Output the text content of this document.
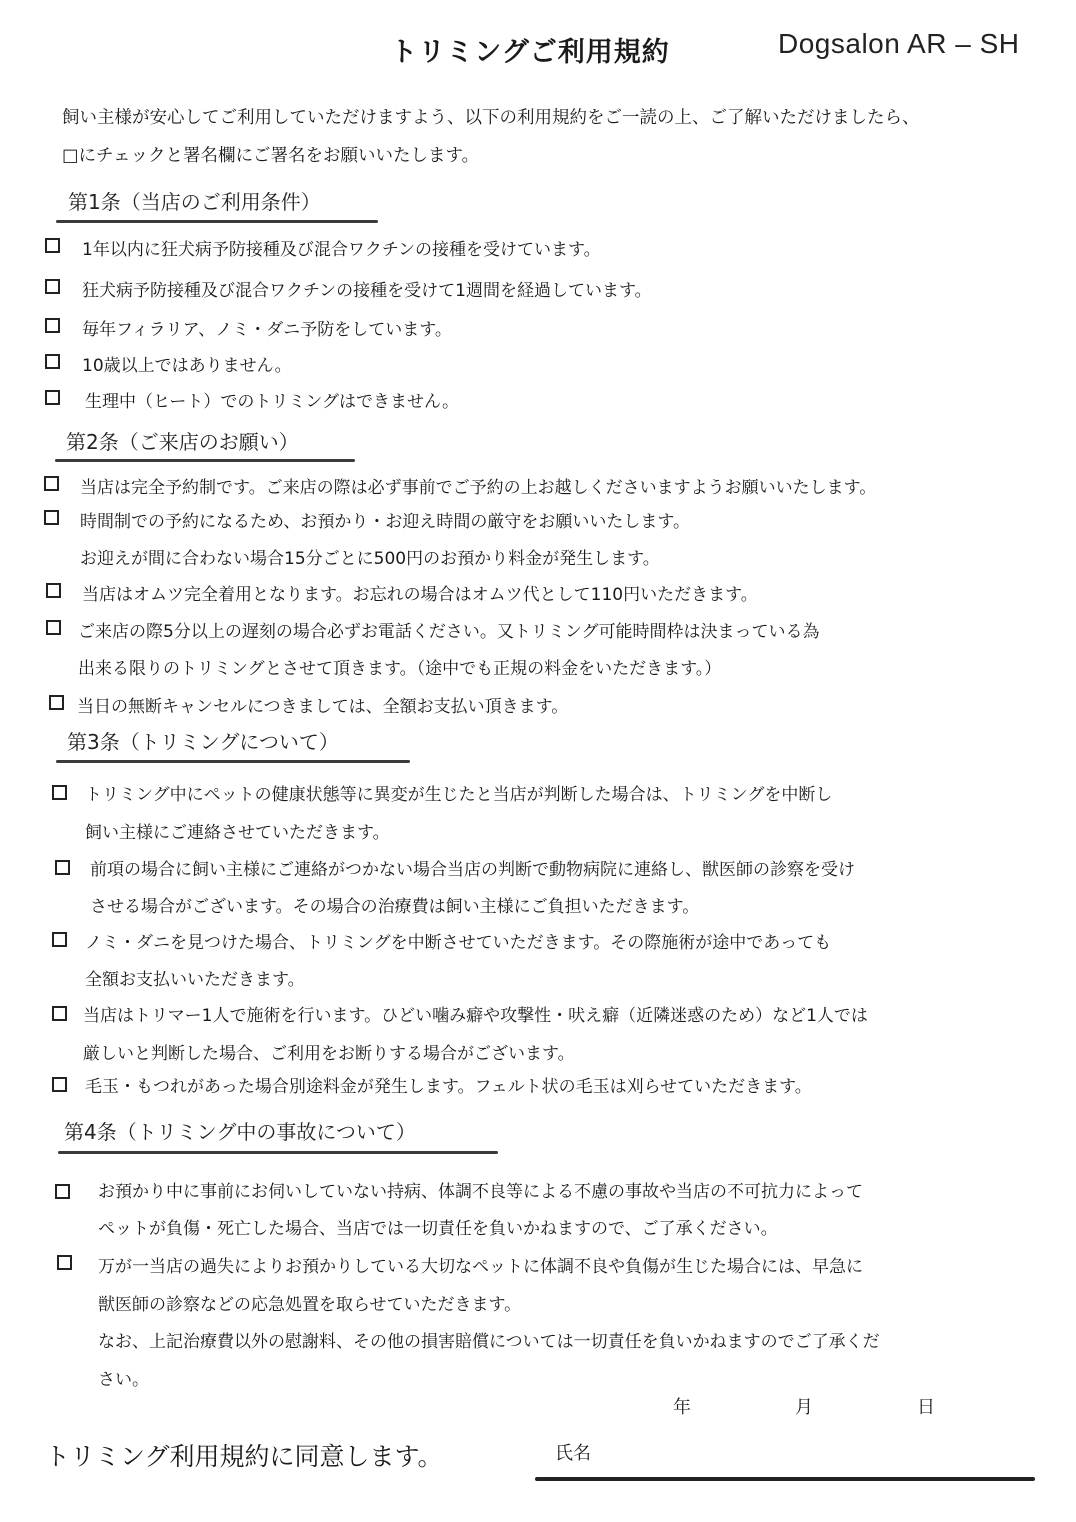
トリミングご利用規約	Dogsalon AR – SH
飼い主様が安心してご利用していただけますよう、以下の利用規約をご一読の上、ご了解いただけましたら、
□にチェックと署名欄にご署名をお願いいたします。
第1条（当店のご利用条件）
1年以内に狂犬病予防接種及び混合ワクチンの接種を受けています。
狂犬病予防接種及び混合ワクチンの接種を受けて1週間を経過しています。
毎年フィラリア、ノミ・ダニ予防をしています。
10歳以上ではありません。
生理中（ヒート）でのトリミングはできません。
第2条（ご来店のお願い）
当店は完全予約制です。ご来店の際は必ず事前でご予約の上お越しくださいますようお願いいたします。
時間制での予約になるため、お預かり・お迎え時間の厳守をお願いいたします。
お迎えが間に合わない場合15分ごとに500円のお預かり料金が発生します。
当店はオムツ完全着用となります。お忘れの場合はオムツ代として110円いただきます。
ご来店の際5分以上の遅刻の場合必ずお電話ください。又トリミング可能時間枠は決まっている為
出来る限りのトリミングとさせて頂きます。（途中でも正規の料金をいただきます。）
当日の無断キャンセルにつきましては、全額お支払い頂きます。
第3条（トリミングについて）
トリミング中にペットの健康状態等に異変が生じたと当店が判断した場合は、トリミングを中断し
飼い主様にご連絡させていただきます。
前項の場合に飼い主様にご連絡がつかない場合当店の判断で動物病院に連絡し、獣医師の診察を受け
させる場合がございます。その場合の治療費は飼い主様にご負担いただきます。
ノミ・ダニを見つけた場合、トリミングを中断させていただきます。その際施術が途中であっても
全額お支払いいただきます。
当店はトリマー1人で施術を行います。ひどい噛み癖や攻撃性・吠え癖（近隣迷惑のため）など1人では
厳しいと判断した場合、ご利用をお断りする場合がございます。
毛玉・もつれがあった場合別途料金が発生します。フェルト状の毛玉は刈らせていただきます。
第4条（トリミング中の事故について）
お預かり中に事前にお伺いしていない持病、体調不良等による不慮の事故や当店の不可抗力によって
ペットが負傷・死亡した場合、当店では一切責任を負いかねますので、ご了承ください。
万が一当店の過失によりお預かりしている大切なペットに体調不良や負傷が生じた場合には、早急に
獣医師の診察などの応急処置を取らせていただきます。
なお、上記治療費以外の慰謝料、その他の損害賠償については一切責任を負いかねますのでご了承くだ
さい。
年	月	日
トリミング利用規約に同意します。	氏名
